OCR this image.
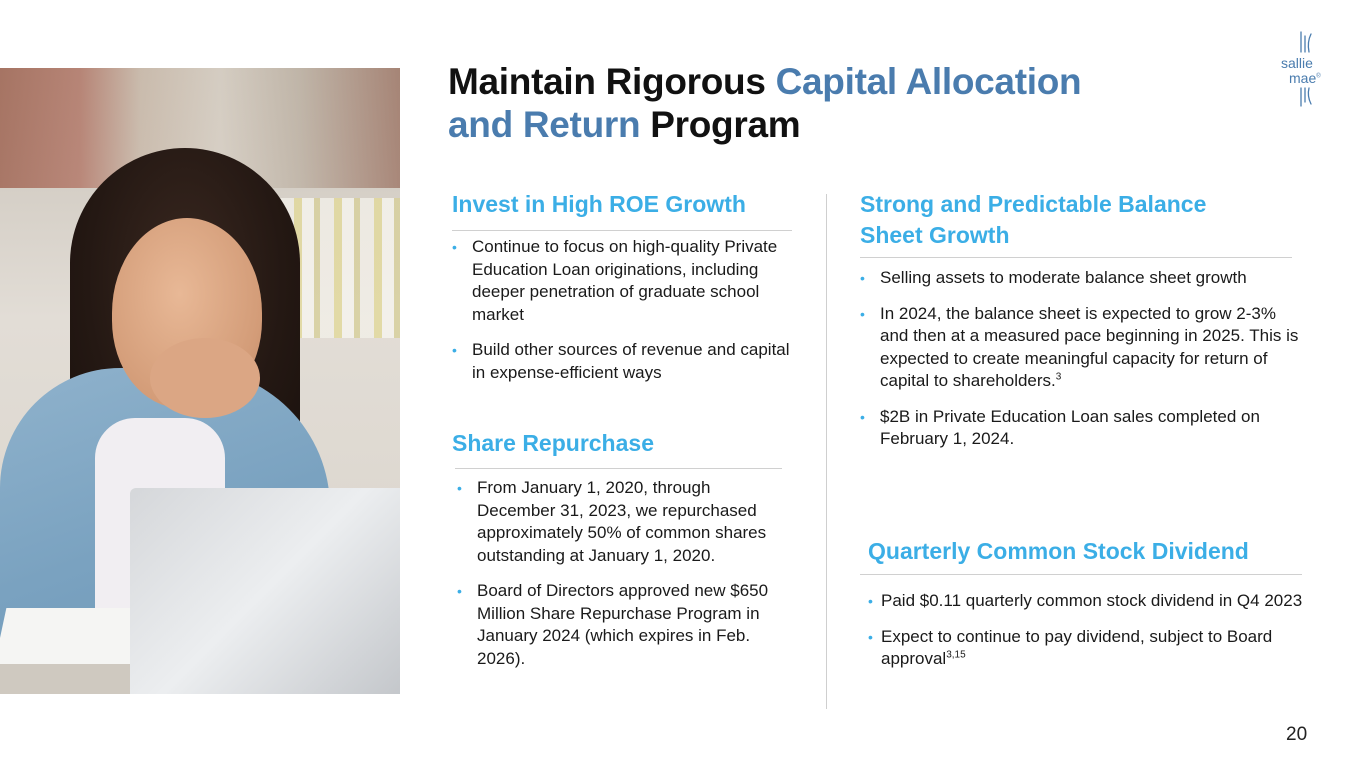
Maintain Rigorous Capital Allocation
and Return Program
sallie
mae®
Invest in High ROE Growth
• Continue to focus on high-quality Private Education Loan originations, including deeper penetration of graduate school market
• Build other sources of revenue and capital in expense-efficient ways
Share Repurchase
• From January 1, 2020, through December 31, 2023, we repurchased approximately 50% of common shares outstanding at January 1, 2020.
• Board of Directors approved new $650 Million Share Repurchase Program in January 2024 (which expires in Feb. 2026).
Strong and Predictable Balance
Sheet Growth
• Selling assets to moderate balance sheet growth
• In 2024, the balance sheet is expected to grow 2-3% and then at a measured pace beginning in 2025. This is expected to create meaningful capacity for return of capital to shareholders.$^3$
• $2B in Private Education Loan sales completed on February 1, 2024.
Quarterly Common Stock Dividend
• Paid $0.11 quarterly common stock dividend in Q4 2023
• Expect to continue to pay dividend, subject to Board approval$^{3,15}$
20
